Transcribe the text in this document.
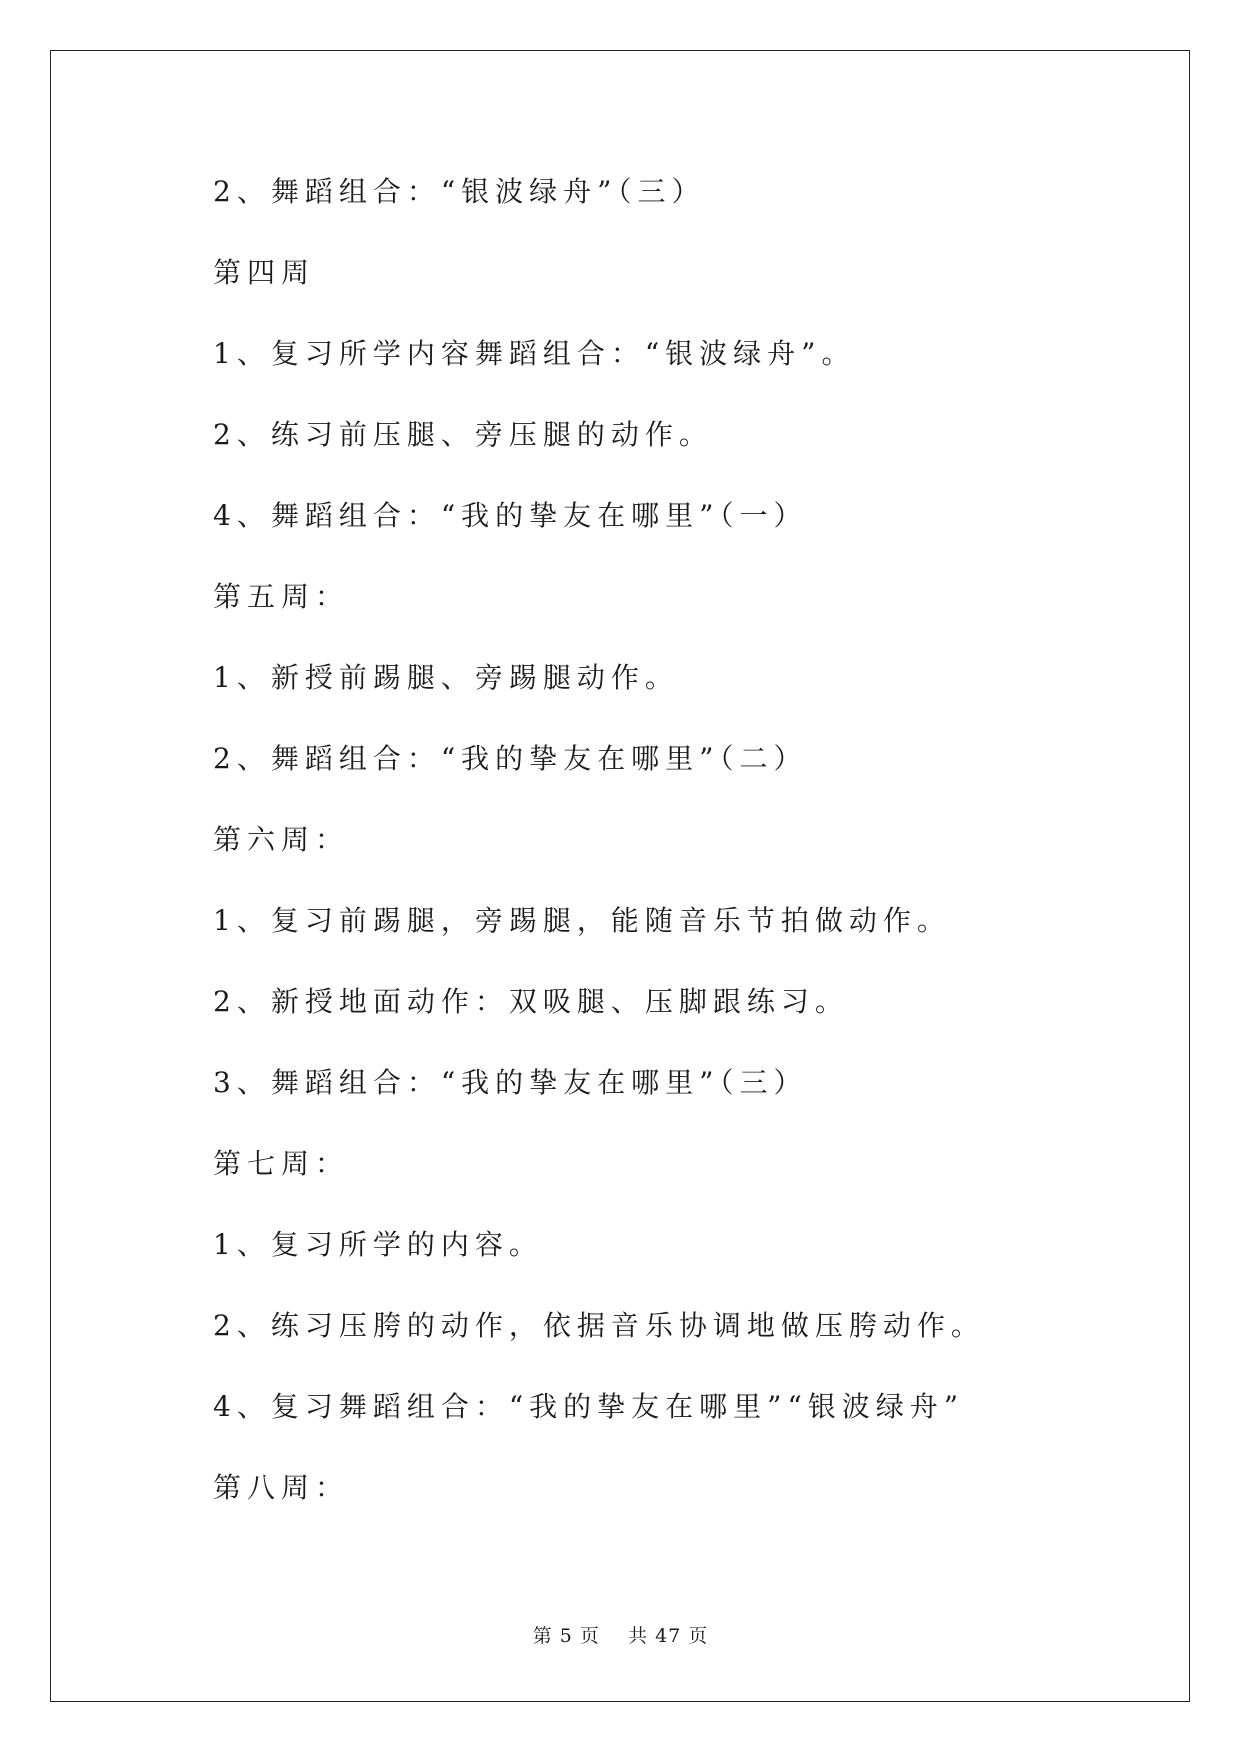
2、舞蹈组合：“银波绿舟”（三）
第四周
1、复习所学内容舞蹈组合：“银波绿舟”。
2、练习前压腿、旁压腿的动作。
4、舞蹈组合：“我的挚友在哪里”（一）
第五周：
1、新授前踢腿、旁踢腿动作。
2、舞蹈组合：“我的挚友在哪里”（二）
第六周：
1、复习前踢腿，旁踢腿，能随音乐节拍做动作。
2、新授地面动作：双吸腿、压脚跟练习。
3、舞蹈组合：“我的挚友在哪里”（三）
第七周：
1、复习所学的内容。
2、练习压胯的动作，依据音乐协调地做压胯动作。
4、复习舞蹈组合：“我的挚友在哪里”“银波绿舟”
第八周：
第 5 页    共 47 页
